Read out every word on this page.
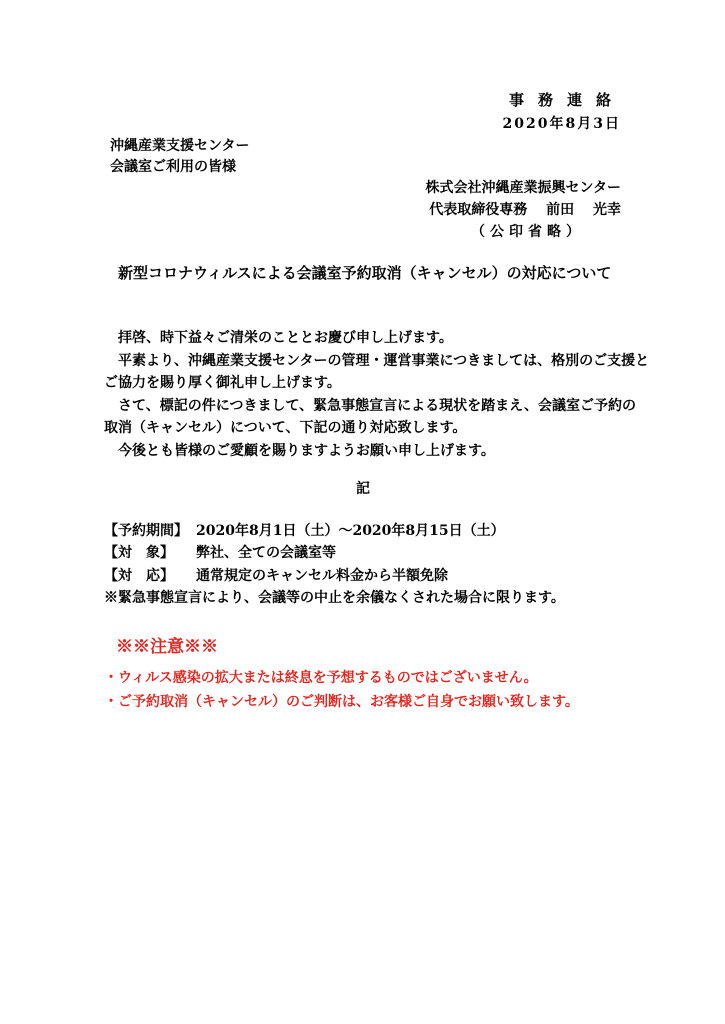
事務連絡
2020年8月3日
沖縄産業支援センター
会議室ご利用の皆様
株式会社沖縄産業振興センター
代表取締役専務　 前田　 光幸
（公印省略）
新型コロナウィルスによる会議室予約取消（キャンセル）の対応について
拝啓、時下益々ご清栄のこととお慶び申し上げます。
平素より、沖縄産業支援センターの管理・運営事業につきましては、格別のご支援と
ご協力を賜り厚く御礼申し上げます。
さて、標記の件につきまして、緊急事態宣言による現状を踏まえ、会議室ご予約の
取消（キャンセル）について、下記の通り対応致します。
今後とも皆様のご愛顧を賜りますようお願い申し上げます。
記
【予約期間】 2020年8月1日（土）～2020年8月15日（土）
【対　象】 弊社、全ての会議室等
【対　応】 通常規定のキャンセル料金から半額免除
※緊急事態宣言により、会議等の中止を余儀なくされた場合に限ります。
※※注意※※
・ウィルス感染の拡大または終息を予想するものではございません。
・ご予約取消（キャンセル）のご判断は、お客様ご自身でお願い致します。
